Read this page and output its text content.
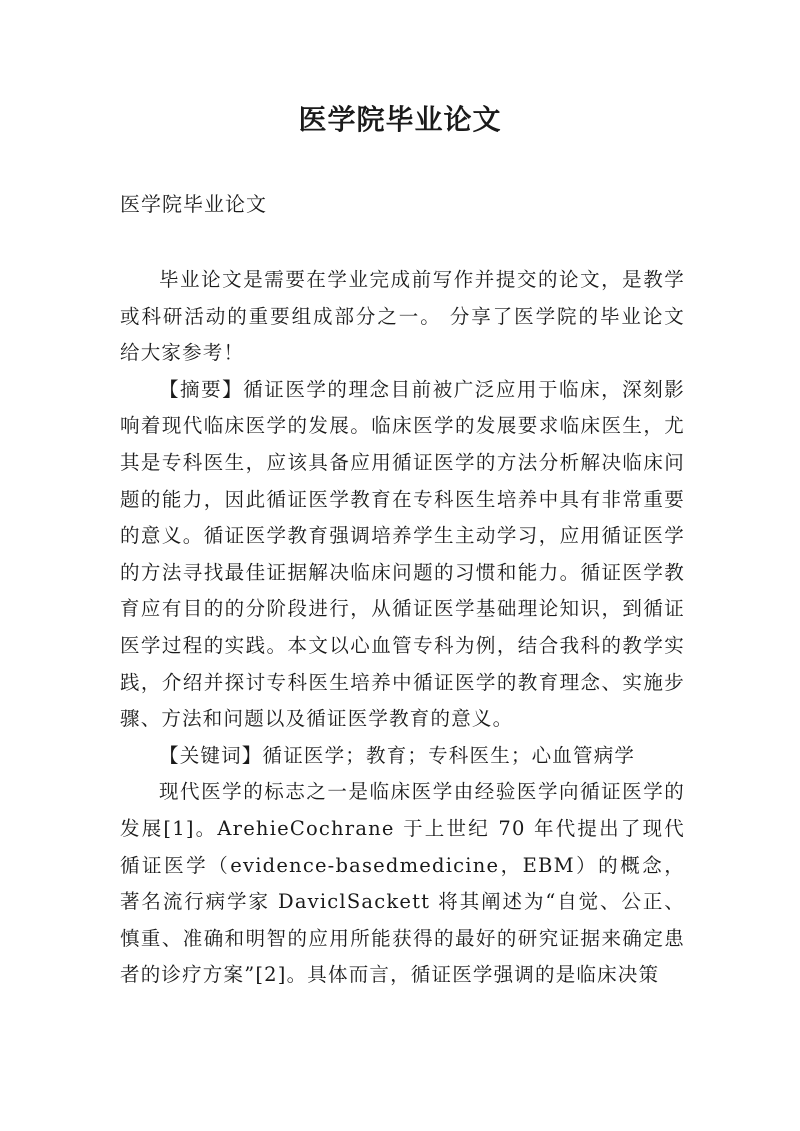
医学院毕业论文
医学院毕业论文

毕业论文是需要在学业完成前写作并提交的论文，是教学或科研活动的重要组成部分之一。 分享了医学院的毕业论文给大家参考！

【摘要】循证医学的理念目前被广泛应用于临床，深刻影响着现代临床医学的发展。临床医学的发展要求临床医生，尤其是专科医生，应该具备应用循证医学的方法分析解决临床问题的能力，因此循证医学教育在专科医生培养中具有非常重要的意义。循证医学教育强调培养学生主动学习，应用循证医学的方法寻找最佳证据解决临床问题的习惯和能力。循证医学教育应有目的的分阶段进行，从循证医学基础理论知识，到循证医学过程的实践。本文以心血管专科为例，结合我科的教学实践，介绍并探讨专科医生培养中循证医学的教育理念、实施步骤、方法和问题以及循证医学教育的意义。

【关键词】循证医学；教育；专科医生；心血管病学

现代医学的标志之一是临床医学由经验医学向循证医学的发展[1]。ArehieCochrane 于上世纪 70 年代提出了现代循证医学（evidence-basedmedicine，EBM）的概念，著名流行病学家 DaviclSackett 将其阐述为“自觉、公正、慎重、准确和明智的应用所能获得的最好的研究证据来确定患者的诊疗方案”[2]。具体而言，循证医学强调的是临床决策
